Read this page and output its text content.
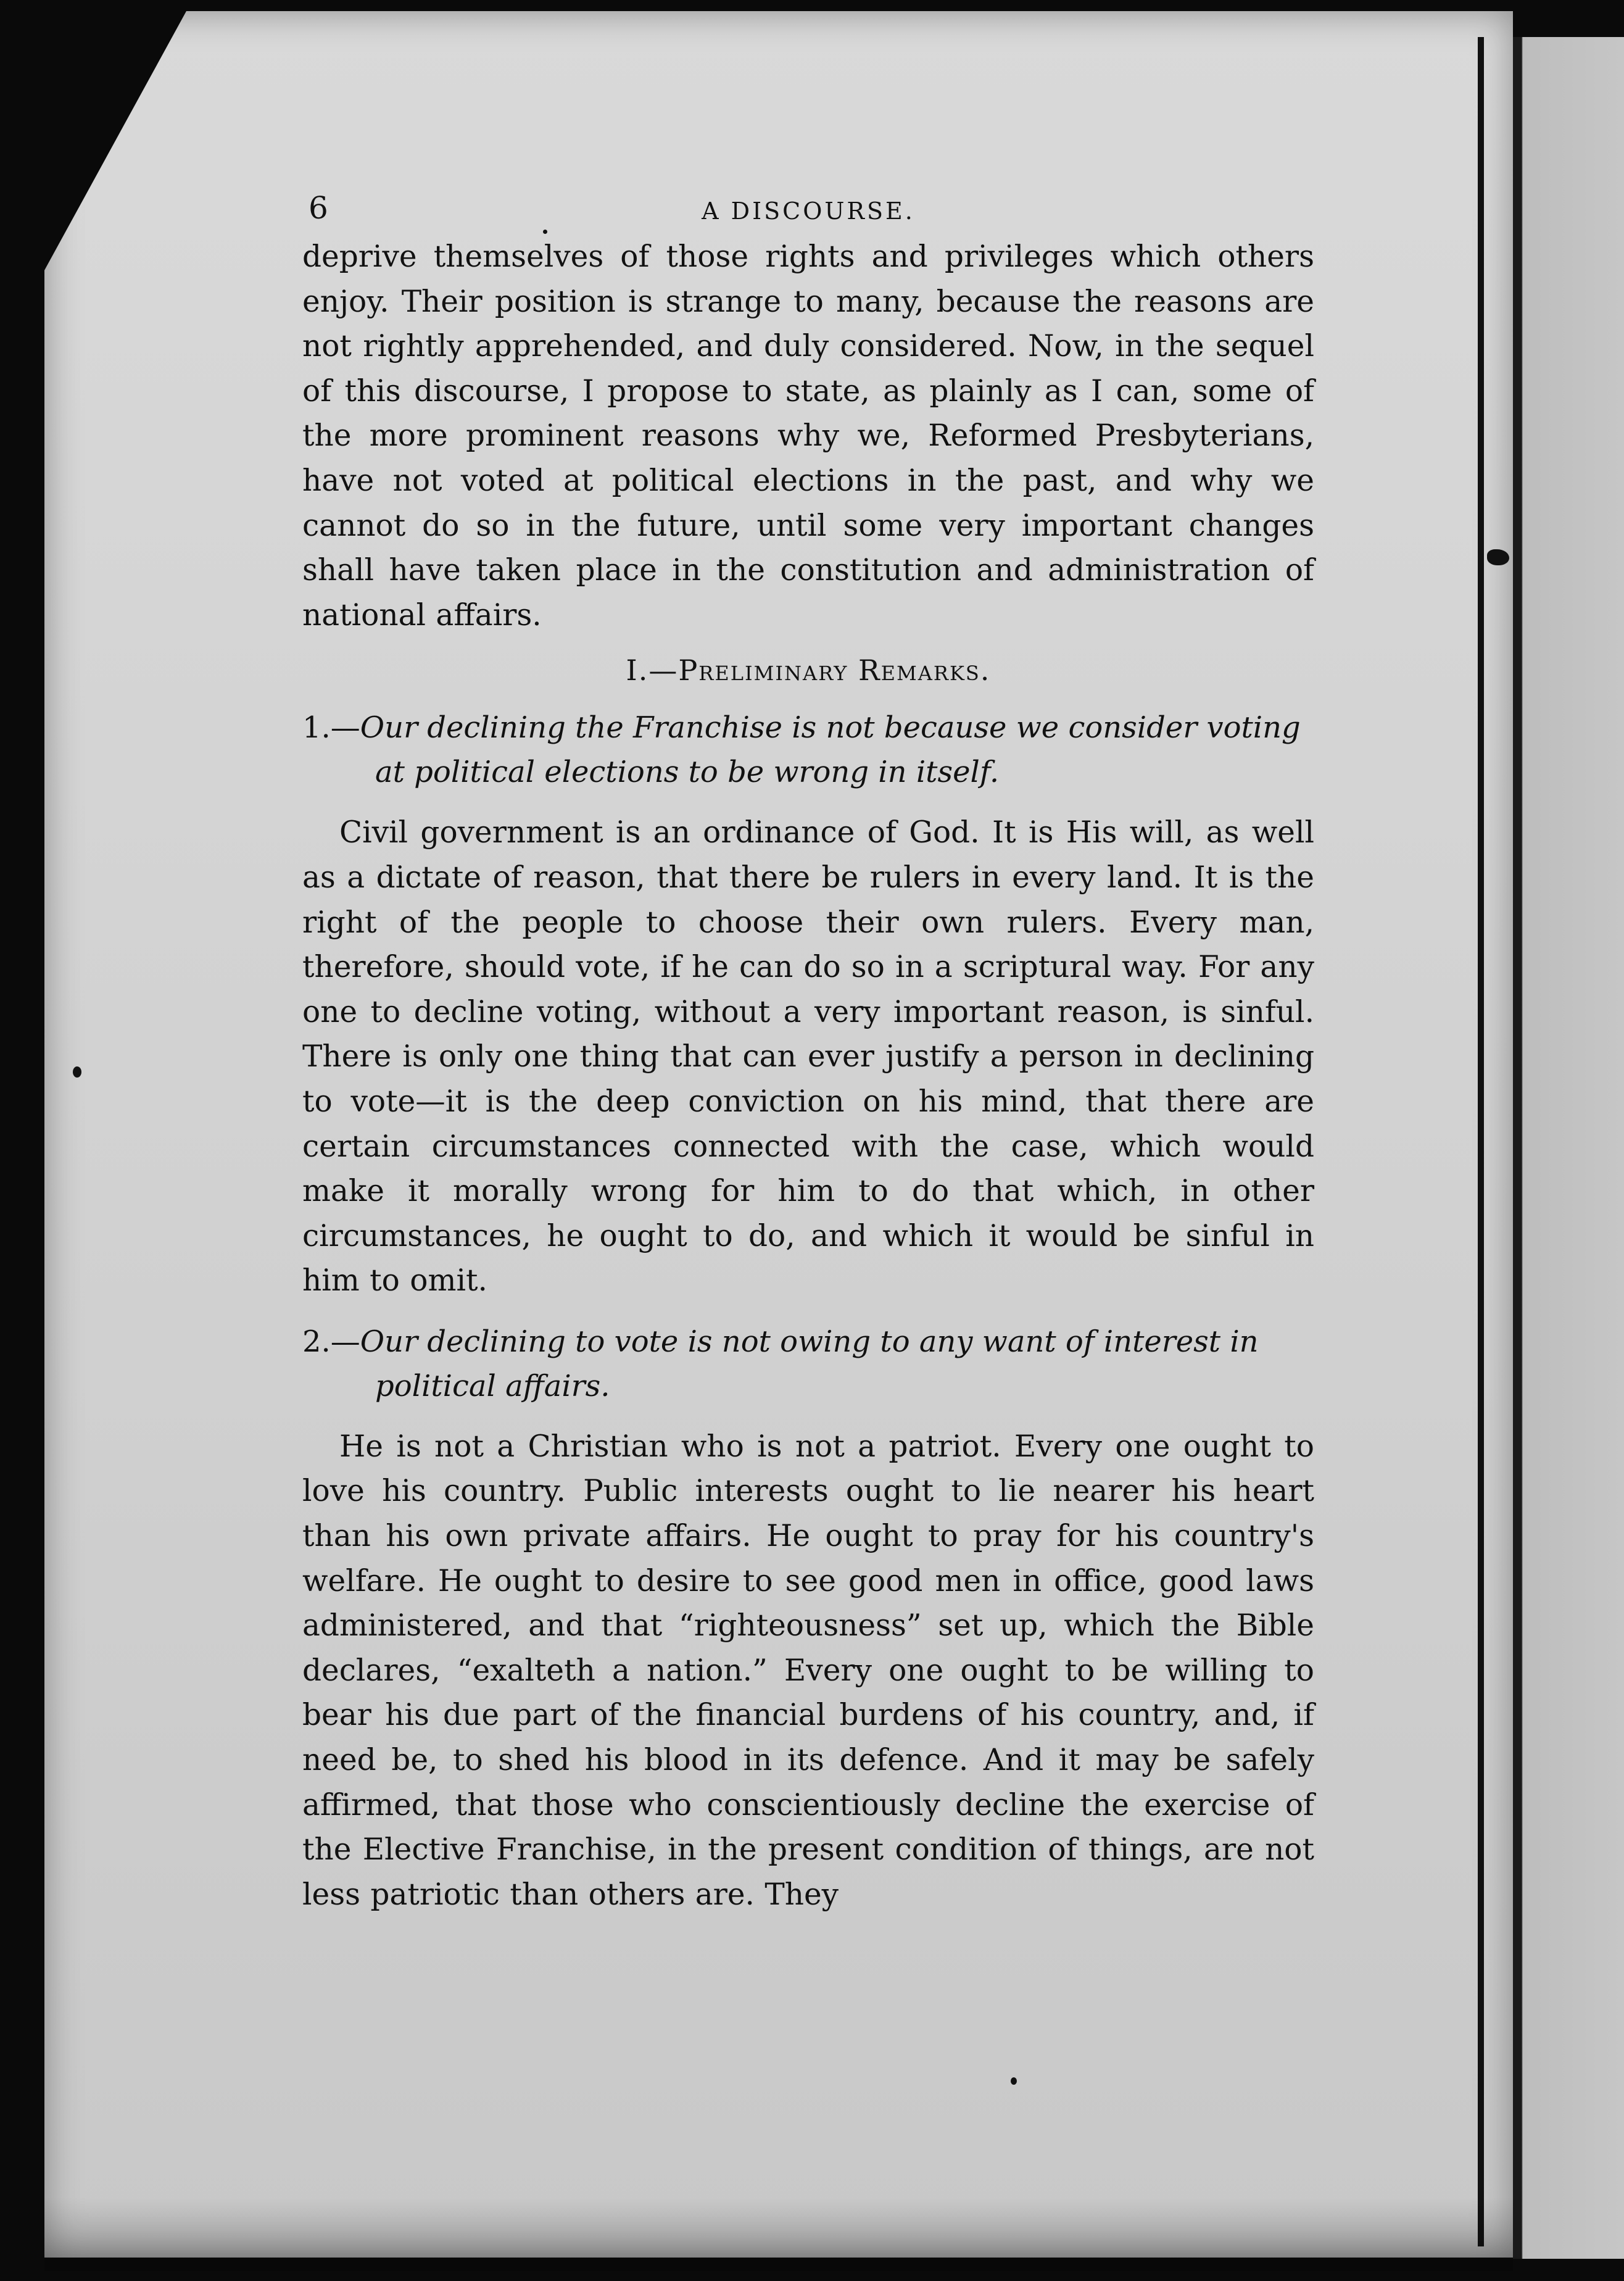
6	A DISCOURSE.

deprive themselves of those rights and privileges which others enjoy. Their position is strange to many, because the reasons are not rightly apprehended, and duly considered. Now, in the sequel of this discourse, I propose to state, as plainly as I can, some of the more prominent reasons why we, Reformed Presbyterians, have not voted at political elections in the past, and why we cannot do so in the future, until some very important changes shall have taken place in the constitution and administration of national affairs.

I.—Preliminary Remarks.
1.—Our declining the Franchise is not because we consider voting at political elections to be wrong in itself.

Civil government is an ordinance of God. It is His will, as well as a dictate of reason, that there be rulers in every land. It is the right of the people to choose their own rulers. Every man, therefore, should vote, if he can do so in a scriptural way. For any one to decline voting, without a very important reason, is sinful. There is only one thing that can ever justify a person in declining to vote—it is the deep conviction on his mind, that there are certain circumstances connected with the case, which would make it morally wrong for him to do that which, in other circumstances, he ought to do, and which it would be sinful in him to omit.

2.—Our declining to vote is not owing to any want of interest in political affairs.

He is not a Christian who is not a patriot. Every one ought to love his country. Public interests ought to lie nearer his heart than his own private affairs. He ought to pray for his country's welfare. He ought to desire to see good men in office, good laws administered, and that “righteousness” set up, which the Bible declares, “exalteth a nation.” Every one ought to be willing to bear his due part of the financial burdens of his country, and, if need be, to shed his blood in its defence. And it may be safely affirmed, that those who conscientiously decline the exercise of the Elective Franchise, in the present condition of things, are not less patriotic than others are. They
